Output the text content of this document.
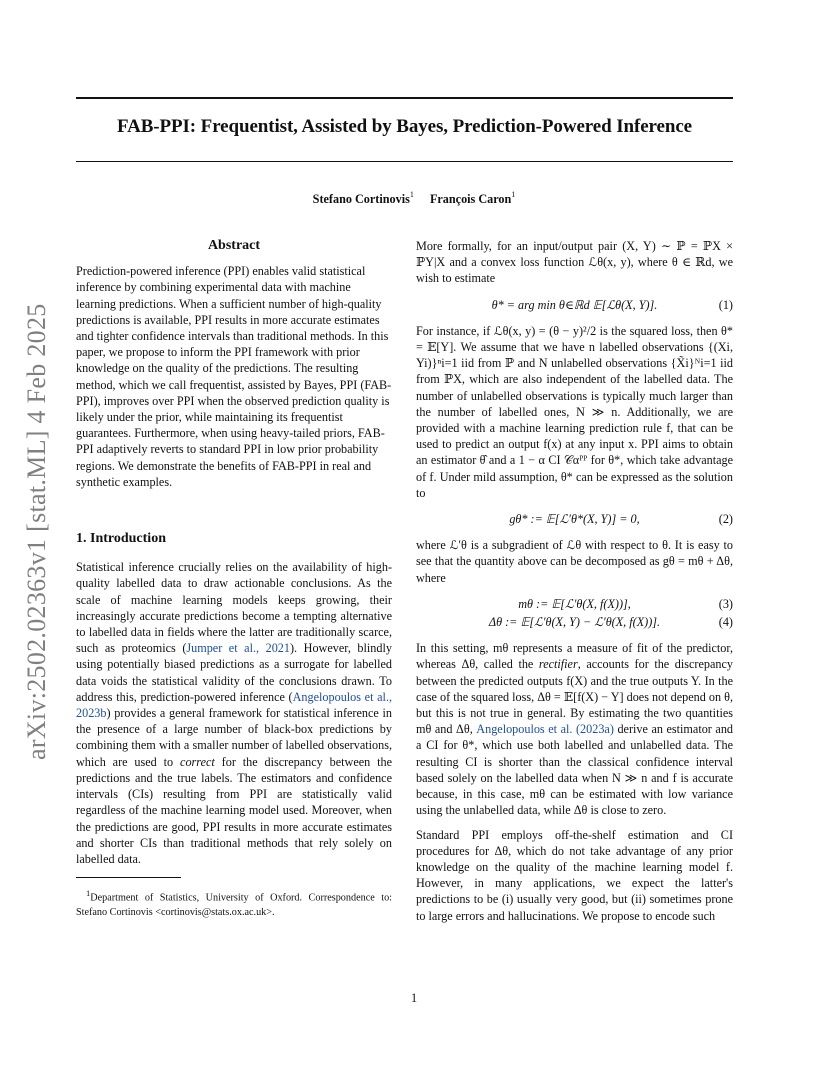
FAB-PPI: Frequentist, Assisted by Bayes, Prediction-Powered Inference
Stefano Cortinovis$^1$ François Caron$^1$
arXiv:2502.02363v1 [stat.ML] 4 Feb 2025
Abstract

Prediction-powered inference (PPI) enables valid statistical inference by combining experimental data with machine learning predictions. When a sufficient number of high-quality predictions is available, PPI results in more accurate estimates and tighter confidence intervals than traditional methods. In this paper, we propose to inform the PPI framework with prior knowledge on the quality of the predictions. The resulting method, which we call frequentist, assisted by Bayes, PPI (FAB-PPI), improves over PPI when the observed prediction quality is likely under the prior, while maintaining its frequentist guarantees. Furthermore, when using heavy-tailed priors, FAB-PPI adaptively reverts to standard PPI in low prior probability regions. We demonstrate the benefits of FAB-PPI in real and synthetic examples.

1. Introduction

Statistical inference crucially relies on the availability of high-quality labelled data to draw actionable conclusions. As the scale of machine learning models keeps growing, their increasingly accurate predictions become a tempting alternative to labelled data in fields where the latter are traditionally scarce, such as proteomics (Jumper et al., 2021). However, blindly using potentially biased predictions as a surrogate for labelled data voids the statistical validity of the conclusions drawn. To address this, prediction-powered inference (Angelopoulos et al., 2023b) provides a general framework for statistical inference in the presence of a large number of black-box predictions by combining them with a smaller number of labelled observations, which are used to correct for the discrepancy between the predictions and the true labels. The estimators and confidence intervals (CIs) resulting from PPI are statistically valid regardless of the machine learning model used. Moreover, when the predictions are good, PPI results in more accurate estimates and shorter CIs than traditional methods that rely solely on labelled data.

$^1$Department of Statistics, University of Oxford. Correspondence to: Stefano Cortinovis <cortinovis@stats.ox.ac.uk>.

More formally, for an input/output pair (X, Y) ∼ ℙ = ℙX × ℙY|X and a convex loss function ℒθ(x, y), where θ ∈ ℝd, we wish to estimate

θ* = arg min θ∈ℝd 𝔼[ℒθ(X, Y)].	(1)

For instance, if ℒθ(x, y) = (θ − y)²/2 is the squared loss, then θ* = 𝔼[Y]. We assume that we have n labelled observations {(Xi, Yi)}ⁿi=1 iid from ℙ and N unlabelled observations {X̃i}ᴺi=1 iid from ℙX, which are also independent of the labelled data. The number of unlabelled observations is typically much larger than the number of labelled ones, N ≫ n. Additionally, we are provided with a machine learning prediction rule f, that can be used to predict an output f(x) at any input x. PPI aims to obtain an estimator θ̂ and a 1 − α CI 𝒞αᴾᴾ for θ*, which take advantage of f. Under mild assumption, θ* can be expressed as the solution to

gθ* := 𝔼[ℒ′θ*(X, Y)] = 0,	(2)

where ℒ′θ is a subgradient of ℒθ with respect to θ. It is easy to see that the quantity above can be decomposed as gθ = mθ + Δθ, where

mθ := 𝔼[ℒ′θ(X, f(X))],	(3)
Δθ := 𝔼[ℒ′θ(X, Y) − ℒ′θ(X, f(X))].	(4)

In this setting, mθ represents a measure of fit of the predictor, whereas Δθ, called the rectifier, accounts for the discrepancy between the predicted outputs f(X) and the true outputs Y. In the case of the squared loss, Δθ = 𝔼[f(X) − Y] does not depend on θ, but this is not true in general. By estimating the two quantities mθ and Δθ, Angelopoulos et al. (2023a) derive an estimator and a CI for θ*, which use both labelled and unlabelled data. The resulting CI is shorter than the classical confidence interval based solely on the labelled data when N ≫ n and f is accurate because, in this case, mθ can be estimated with low variance using the unlabelled data, while Δθ is close to zero.

Standard PPI employs off-the-shelf estimation and CI procedures for Δθ, which do not take advantage of any prior knowledge on the quality of the machine learning model f. However, in many applications, we expect the latter's predictions to be (i) usually very good, but (ii) sometimes prone to large errors and hallucinations. We propose to encode such

1
